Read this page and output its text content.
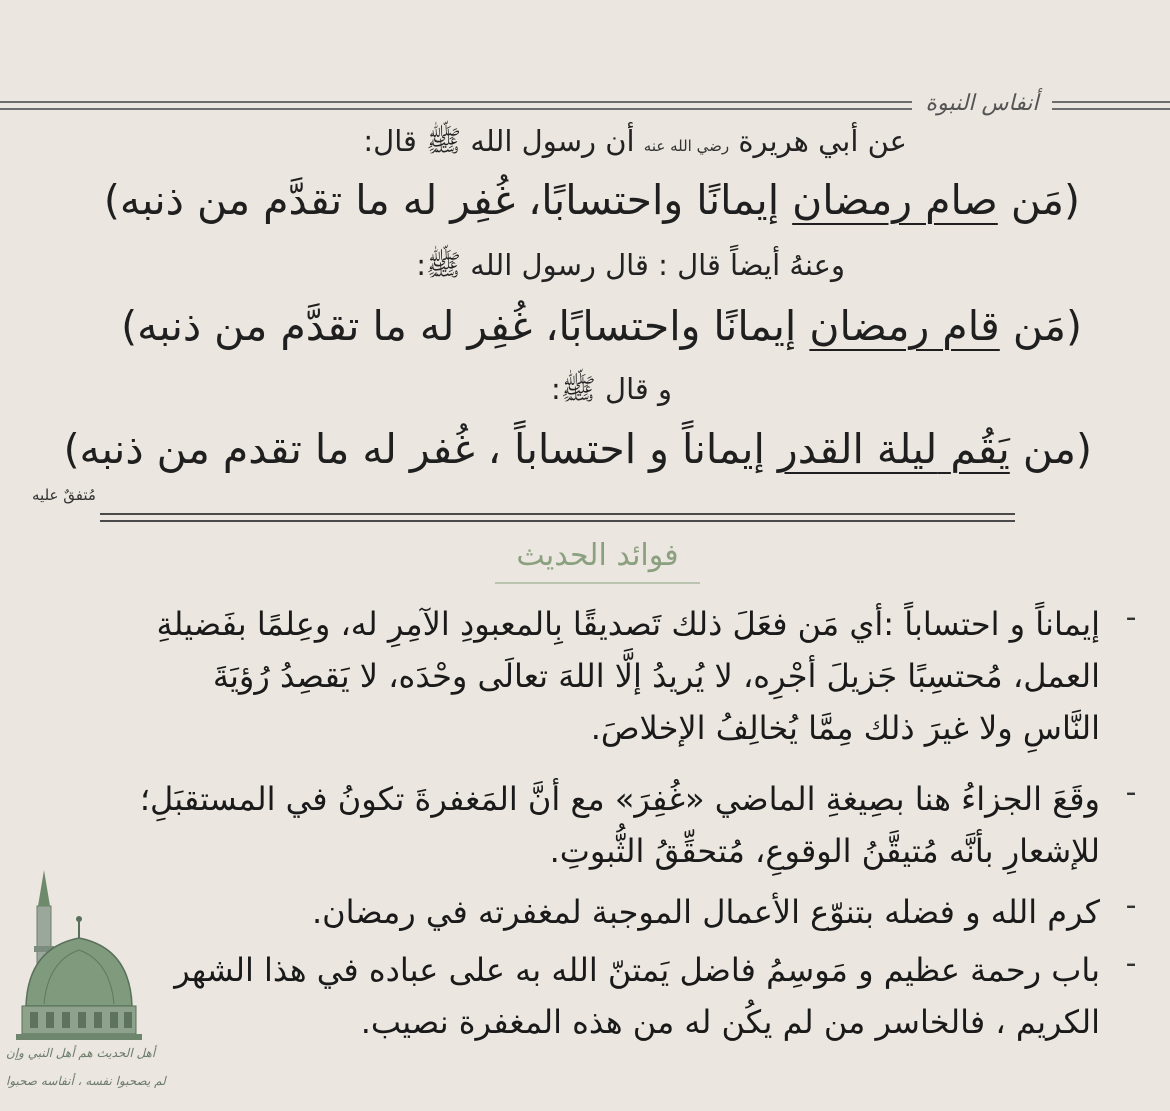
أنفاس النبوة
عن أبي هريرة رضي الله عنه أن رسول الله ﷺ قال:
(مَن صام رمضان إيمانًا واحتسابًا، غُفِر له ما تقدَّم من ذنبه)
وعنهُ أيضاً قال : قال رسول الله ﷺ:
(مَن قام رمضان إيمانًا واحتسابًا، غُفِر له ما تقدَّم من ذنبه)
و قال ﷺ:
(من يَقُم ليلة القدر إيماناً و احتساباً ، غُفر له ما تقدم من ذنبه)
مُتفقٌ عليه
فوائد الحديث
-
إيماناً و احتساباً :أي مَن فعَلَ ذلك تَصديقًا بِالمعبودِ الآمِرِ له، وعِلمًا بفَضيلةِ
العمل، مُحتسِبًا جَزيلَ أجْرِه، لا يُريدُ إلَّا اللهَ تعالَى وحْدَه، لا يَقصِدُ رُؤيَةَ
النَّاسِ ولا غيرَ ذلك مِمَّا يُخالِفُ الإخلاصَ.
-
وقَعَ الجزاءُ هنا بصِيغةِ الماضي «غُفِرَ» مع أنَّ المَغفرةَ تكونُ في المستقبَلِ؛
للإشعارِ بأنَّه مُتيقَّنُ الوقوعِ، مُتحقِّقُ الثُّبوتِ.
-
كرم الله و فضله بتنوّع الأعمال الموجبة لمغفرته في رمضان.
-
باب رحمة عظيم و مَوسِمُ فاضل يَمتنّ الله به على عباده في هذا الشهر
الكريم ، فالخاسر من لم يكُن له من هذه المغفرة نصيب.
أهل الحديث هم أهل النبي وإن
لم يصحبوا نفسه ، أنفاسه صحبوا
